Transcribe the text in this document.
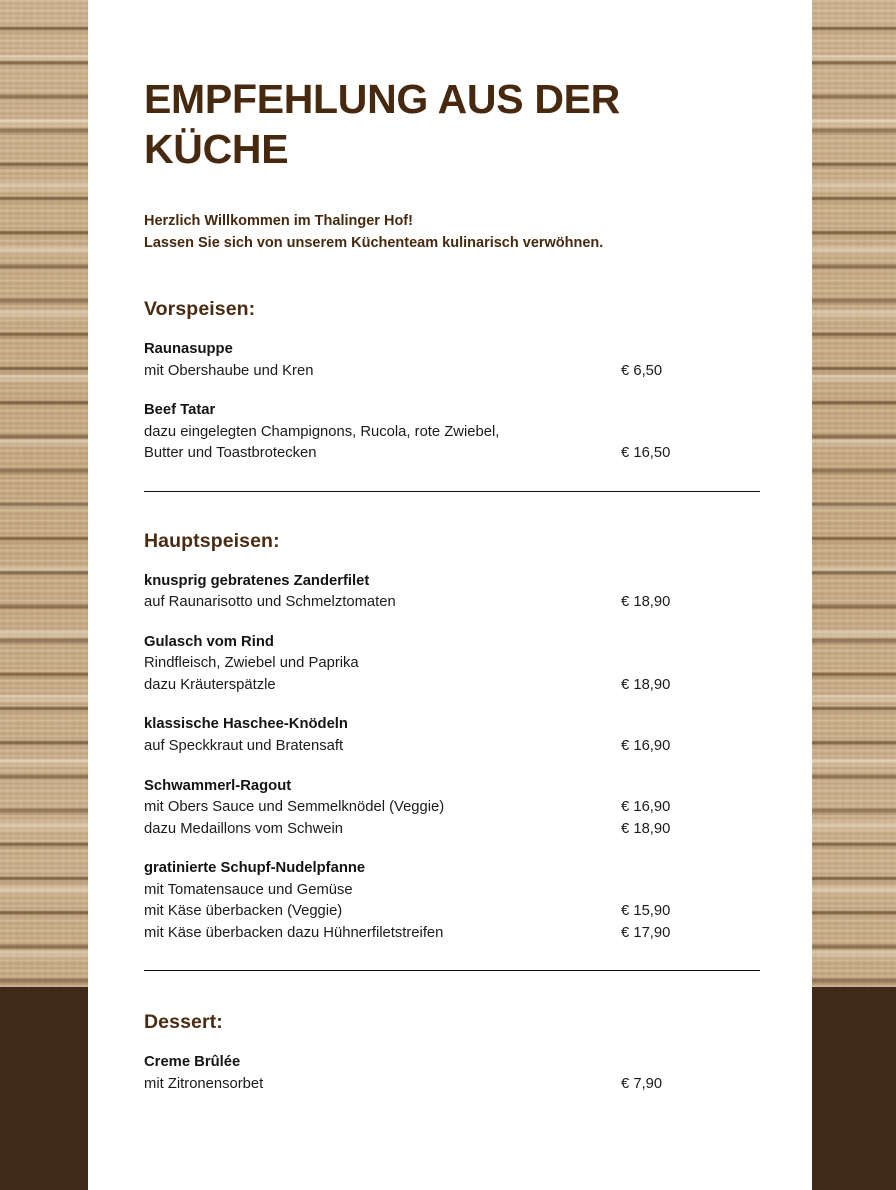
EMPFEHLUNG AUS DER KÜCHE
Herzlich Willkommen im Thalinger Hof!
Lassen Sie sich von unserem Küchenteam kulinarisch verwöhnen.
Vorspeisen:
Raunasuppe
mit Obershaube und Kren	€ 6,50
Beef Tatar
dazu eingelegten Champignons, Rucola, rote Zwiebel,
Butter und Toastbrotecken	€ 16,50
Hauptspeisen:
knusprig gebratenes Zanderfilet
auf Raunarisotto und Schmelztomaten	€ 18,90
Gulasch vom Rind
Rindfleisch, Zwiebel und Paprika
dazu Kräuterspätzle	€ 18,90
klassische Haschee-Knödeln
auf Speckkraut und Bratensaft	€ 16,90
Schwammerl-Ragout
mit Obers Sauce und Semmelknödel (Veggie)	€ 16,90
dazu Medaillons vom Schwein	€ 18,90
gratinierte Schupf-Nudelpfanne
mit Tomatensauce und Gemüse
mit Käse überbacken (Veggie)	€ 15,90
mit Käse überbacken dazu Hühnerfiletstreifen	€ 17,90
Dessert:
Creme Brûlée
mit Zitronensorbet	€ 7,90
